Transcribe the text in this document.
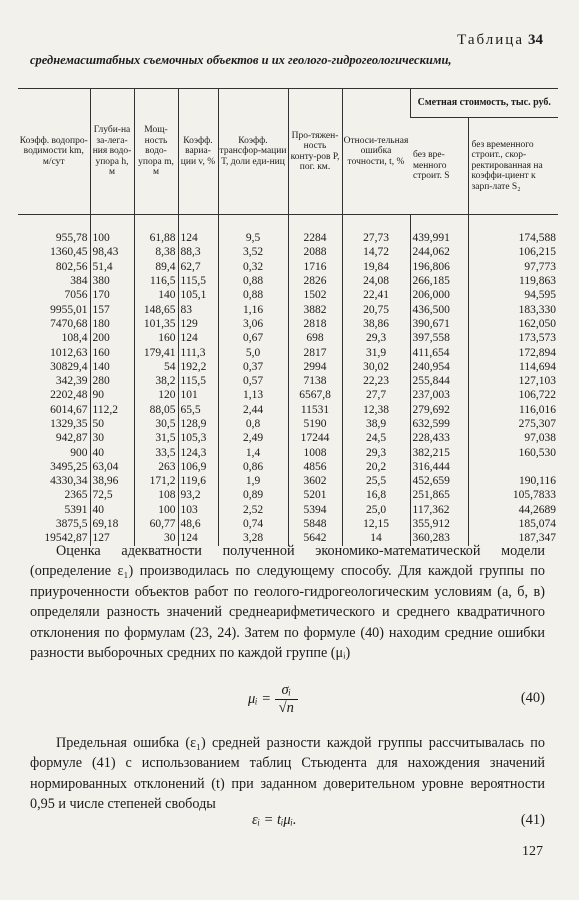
Таблица 34
среднемасштабных съемочных объектов и их геолого-гидрогеологическими,
Коэфф. водопро-водимости km, м/сут	Глуби-на за-лега-ния водо-упора h, м	Мощ-ность водо-упора m, м	Коэфф. вариа-ции v, %	Коэфф. трансфор-мации Т, доли еди-ниц	Про-тяжен-ность конту-ров Р, пог. км.	Относи-тельная ошибка точности, t, %	Сметная стоимость, тыс. руб.	
							без вре-менного строит. S	без временного строит., скор-ректированная на коэффи-циент к зарп-лате S₂

955,78	100	61,88	124	9,5	2284	27,73	439,991	174,588
1360,45	98,43	8,38	88,3	3,52	2088	14,72	244,062	106,215
802,56	51,4	89,4	62,7	0,32	1716	19,84	196,806	97,773
384	380	116,5	115,5	0,88	2826	24,08	266,185	119,863
7056	170	140	105,1	0,88	1502	22,41	206,000	94,595
9955,01	157	148,65	83	1,16	3882	20,75	436,500	183,330
7470,68	180	101,35	129	3,06	2818	38,86	390,671	162,050
108,4	200	160	124	0,67	698	29,3	397,558	173,573
1012,63	160	179,41	111,3	5,0	2817	31,9	411,654	172,894
30829,4	140	54	192,2	0,37	2994	30,02	240,954	114,694
342,39	280	38,2	115,5	0,57	7138	22,23	255,844	127,103
2202,48	90	120	101	1,13	6567,8	27,7	237,003	106,722
6014,67	112,2	88,05	65,5	2,44	11531	12,38	279,692	116,016
1329,35	50	30,5	128,9	0,8	5190	38,9	632,599	275,307
942,87	30	31,5	105,3	2,49	17244	24,5	228,433	97,038
900	40	33,5	124,3	1,4	1008	29,3	382,215	160,530
3495,25	63,04	263	106,9	0,86	4856	20,2	316,444	
4330,34	38,96	171,2	119,6	1,9	3602	25,5	452,659	190,116
2365	72,5	108	93,2	0,89	5201	16,8	251,865	105,7833
5391	40	100	103	2,52	5394	25,0	117,362	44,2689
3875,5	69,18	60,77	48,6	0,74	5848	12,15	355,912	185,074
19542,87	127	30	124	3,28	5642	14	360,283	187,347

Оценка адекватности полученной экономико-математической модели (определение ε₁) производилась по следующему способу. Для каждой группы по приуроченности объектов работ по геолого-гидрогеологическим условиям (а, б, в) определяли разность значений среднеарифметического и среднего квадратичного отклонения по формулам (23, 24). Затем по формуле (40) находим средние ошибки разности выборочных средних по каждой группе (μᵢ)

μᵢ = $\frac{\text{σᵢ}}{√n}$	(40)

Предельная ошибка (ε₁) средней разности каждой группы рассчитывалась по формуле (41) с использованием таблиц Стьюдента для нахождения значений нормированных отклонений (t) при заданном доверительном уровне вероятности 0,95 и числе степеней свободы

εᵢ = tᵢμᵢ.	(41)
127
